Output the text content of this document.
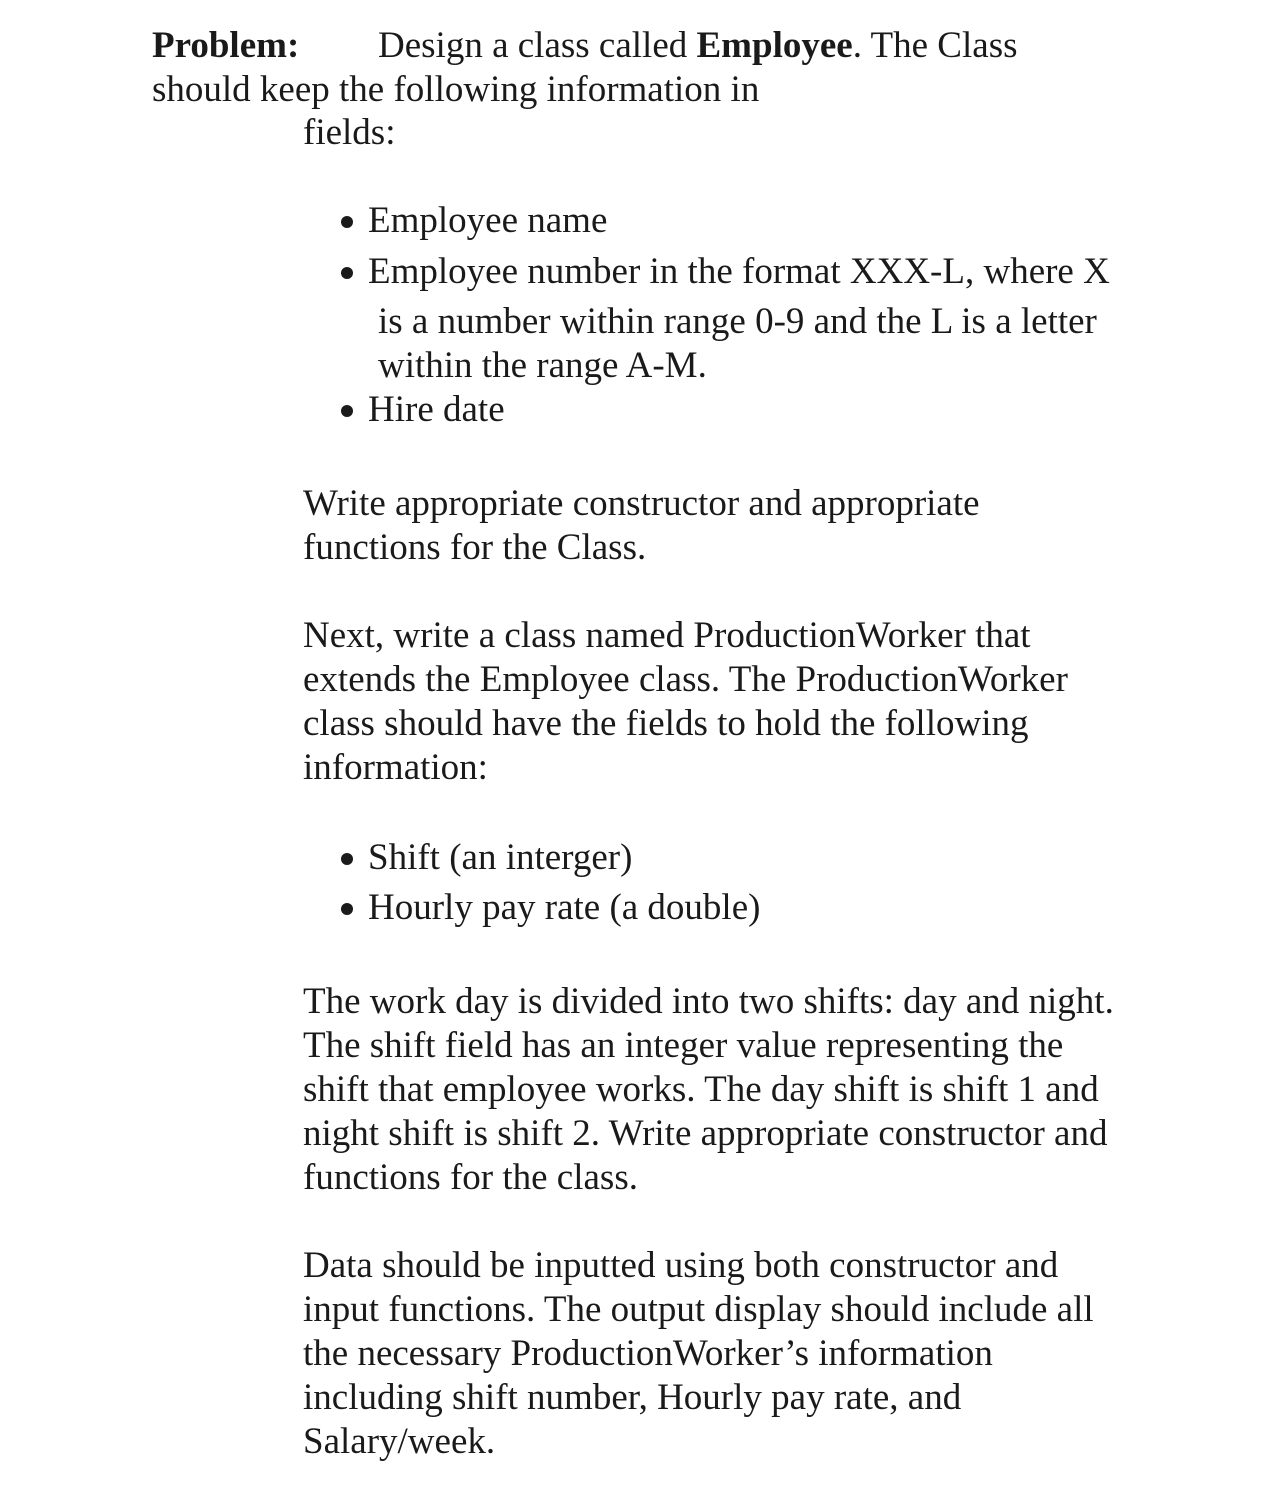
Problem: Design a class called Employee. The Class
should keep the following information in
fields:
Employee name
Employee number in the format XXX-L, where X
is a number within range 0-9 and the L is a letter
within the range A-M.
Hire date
Write appropriate constructor and appropriate
functions for the Class.
Next, write a class named ProductionWorker that
extends the Employee class. The ProductionWorker
class should have the fields to hold the following
information:
Shift (an interger)
Hourly pay rate (a double)
The work day is divided into two shifts: day and night.
The shift field has an integer value representing the
shift that employee works. The day shift is shift 1 and
night shift is shift 2. Write appropriate constructor and
functions for the class.
Data should be inputted using both constructor and
input functions. The output display should include all
the necessary ProductionWorker’s information
including shift number, Hourly pay rate, and
Salary/week.
